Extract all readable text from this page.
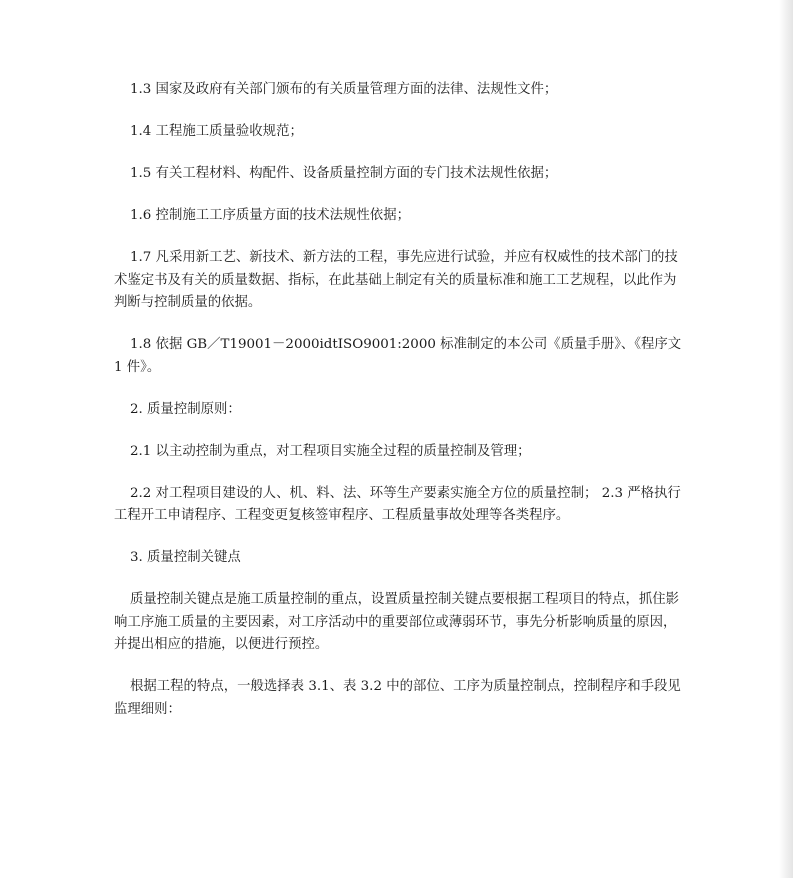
1.3 国家及政府有关部门颁布的有关质量管理方面的法律、法规性文件；

1.4 工程施工质量验收规范；

1.5 有关工程材料、构配件、设备质量控制方面的专门技术法规性依据；

1.6 控制施工工序质量方面的技术法规性依据；

1.7 凡采用新工艺、新技术、新方法的工程，事先应进行试验，并应有权威性的技术部门的技术鉴定书及有关的质量数据、指标，在此基础上制定有关的质量标准和施工工艺规程，以此作为判断与控制质量的依据。

1.8 依据 GB／T19001－2000idtISO9001:2000 标准制定的本公司《质量手册》、《程序文 1 件》。

2. 质量控制原则：

2.1 以主动控制为重点，对工程项目实施全过程的质量控制及管理；

2.2 对工程项目建设的人、机、料、法、环等生产要素实施全方位的质量控制； 2.3 严格执行工程开工申请程序、工程变更复核签审程序、工程质量事故处理等各类程序。

3. 质量控制关键点

质量控制关键点是施工质量控制的重点，设置质量控制关键点要根据工程项目的特点，抓住影响工序施工质量的主要因素，对工序活动中的重要部位或薄弱环节，事先分析影响质量的原因，并提出相应的措施，以便进行预控。

根据工程的特点，一般选择表 3.1、表 3.2 中的部位、工序为质量控制点，控制程序和手段见监理细则：
